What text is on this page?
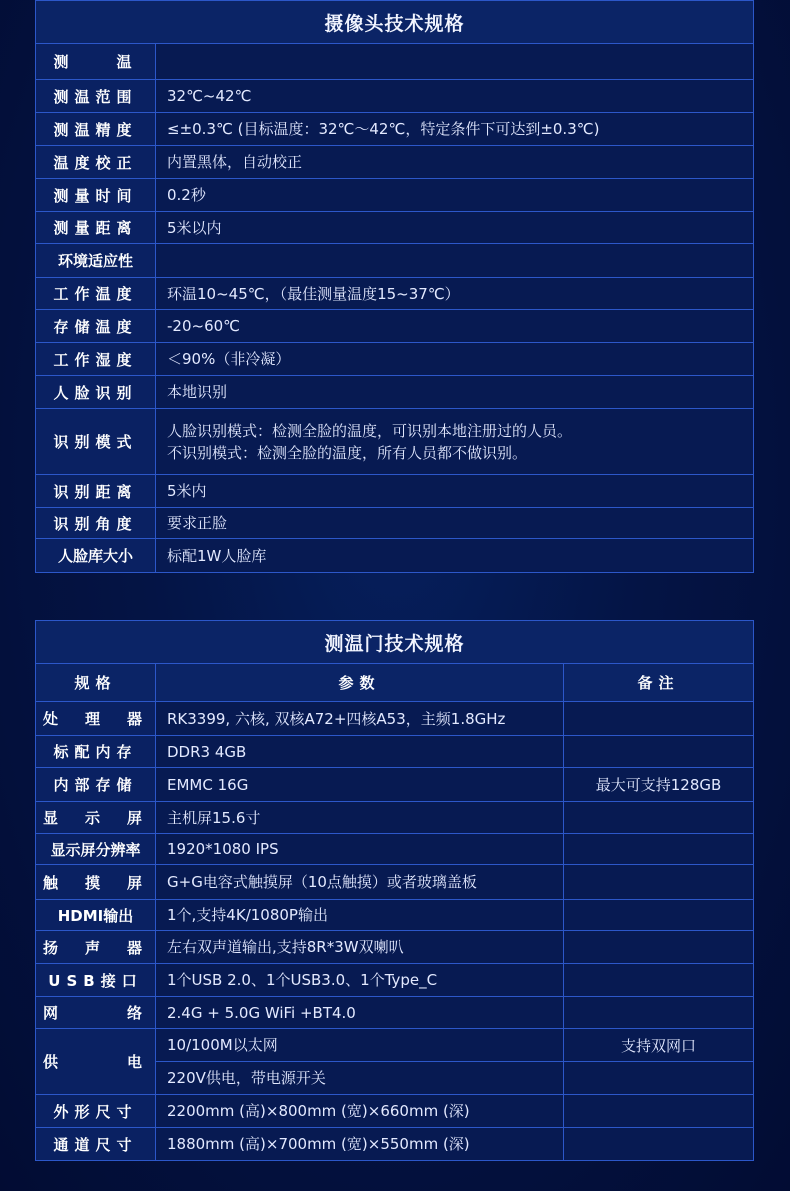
摄像头技术规格	
测　　温	

测温范围	32℃~42℃

测温精度	≤±0.3℃ (目标温度：32℃～42℃，特定条件下可达到±0.3℃)

温度校正	内置黑体，自动校正

测量时间	0.2秒

测量距离	5米以内

环境适应性	

工作温度	环温10~45℃，（最佳测量温度15~37℃）

存储温度	-20~60℃

工作湿度	＜90%（非冷凝）

人脸识别	本地识别

识别模式	人脸识别模式：检测全脸的温度，可识别本地注册过的人员。
不识别模式：检测全脸的温度，所有人员都不做识别。

识别距离	5米内

识别角度	要求正脸

人脸库大小	标配1W人脸库
测温门技术规格		
规格	参数	备注
处　理　器	RK3399, 六核, 双核A72+四核A53，主频1.8GHz	
标配内存	DDR3 4GB	
内部存储	EMMC 16G	最大可支持128GB
显　示　屏	主机屏15.6寸	
显示屏分辨率	1920*1080 IPS	
触　摸　屏	G+G电容式触摸屏（10点触摸）或者玻璃盖板	
HDMI输出	1个,支持4K/1080P输出	
扬　声　器	左右双声道输出,支持8R*3W双喇叭	
USB接口	1个USB 2.0、1个USB3.0、1个Type_C	
网　　　络	2.4G + 5.0G WiFi +BT4.0	
供　　　电	10/100M以太网	支持双网口
	220V供电，带电源开关	
外形尺寸	2200mm (高)×800mm (宽)×660mm (深)	
通道尺寸	1880mm (高)×700mm (宽)×550mm (深)	
